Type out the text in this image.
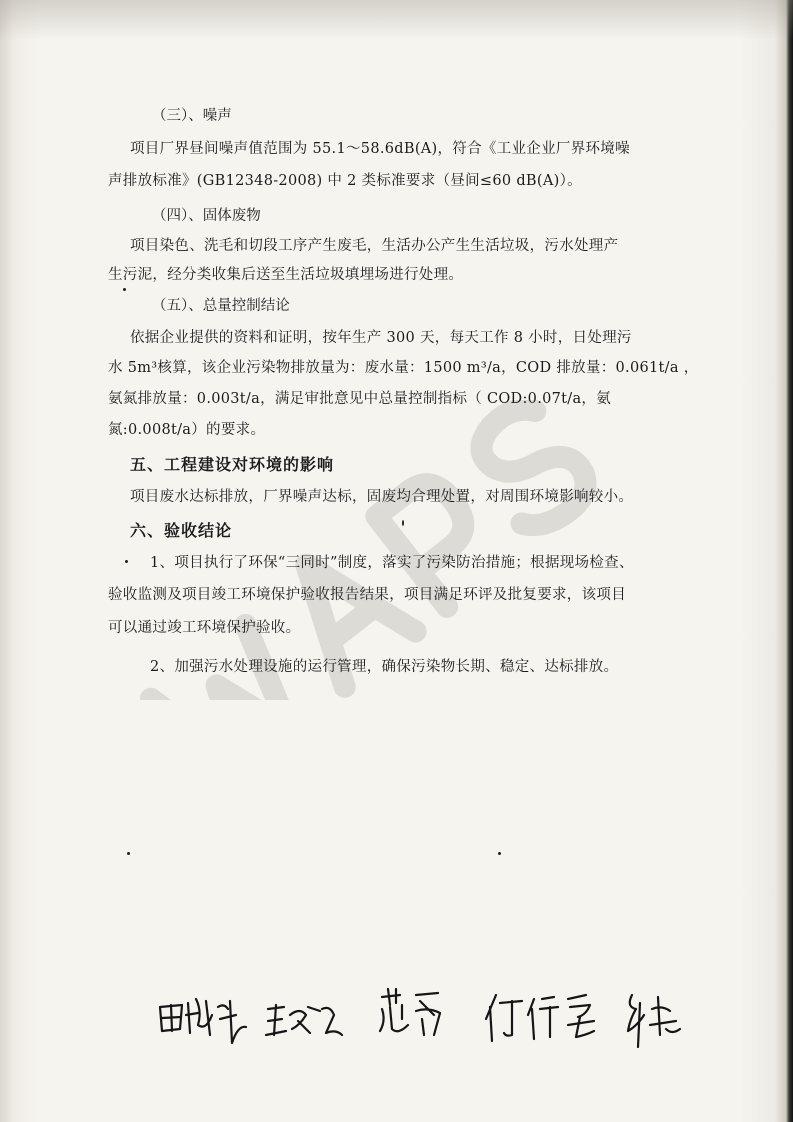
（三）、噪声
项目厂界昼间噪声值范围为 55.1～58.6dB(A)，符合《工业企业厂界环境噪
声排放标准》(GB12348-2008) 中 2 类标准要求（昼间≤60 dB(A)）。
（四）、固体废物
项目染色、洗毛和切段工序产生废毛，生活办公产生生活垃圾，污水处理产
生污泥，经分类收集后送至生活垃圾填埋场进行处理。
（五）、总量控制结论
依据企业提供的资料和证明，按年生产 300 天，每天工作 8 小时，日处理污
水 5m³核算，该企业污染物排放量为：废水量：1500 m³/a，COD 排放量：0.061t/a ，
氨氮排放量：0.003t/a，满足审批意见中总量控制指标（ COD:0.07t/a，氨
氮:0.008t/a）的要求。
五、工程建设对环境的影响
项目废水达标排放，厂界噪声达标，固废均合理处置，对周围环境影响较小。
六、验收结论
1、项目执行了环保“三同时”制度，落实了污染防治措施；根据现场检查、
验收监测及项目竣工环境保护验收报告结果，项目满足环评及批复要求，该项目
可以通过竣工环境保护验收。
2、加强污水处理设施的运行管理，确保污染物长期、稳定、达标排放。
